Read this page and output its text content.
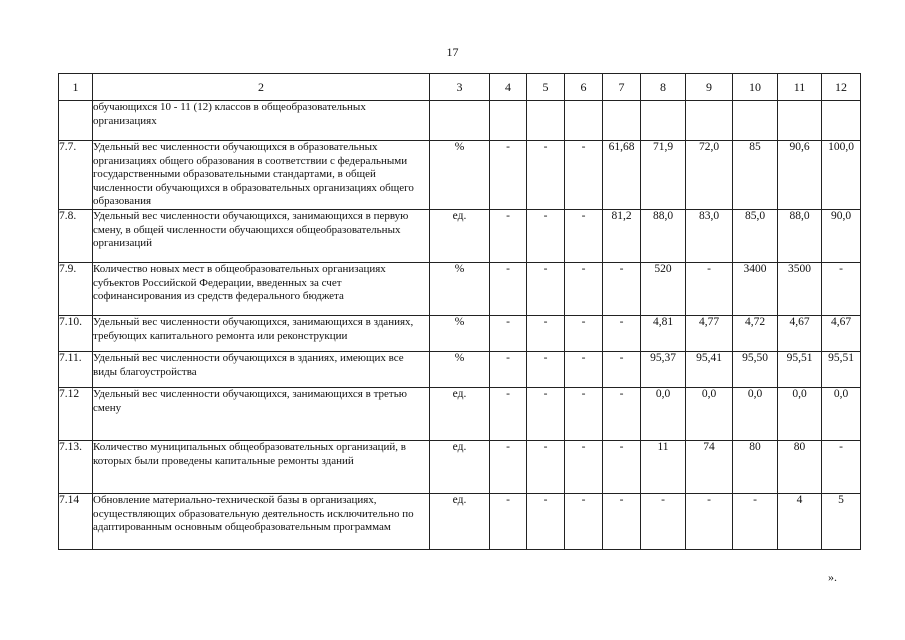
17
1	2	3	4	5	6	7	8	9	10	11	12
	обучающихся 10 - 11 (12) классов в общеобразовательных организациях										
7.7.	Удельный вес численности обучающихся в образовательных организациях общего образования в соответствии с федеральными государственными образовательными стандартами, в общей численности обучающихся в образовательных организациях общего образования	%	-	-	-	61,68	71,9	72,0	85	90,6	100,0
7.8.	Удельный вес численности обучающихся, занимающихся в первую смену, в общей численности обучающихся общеобразовательных организаций	ед.	-	-	-	81,2	88,0	83,0	85,0	88,0	90,0
7.9.	Количество новых мест в общеобразовательных организациях субъектов Российской Федерации, введенных за счет софинансирования из средств федерального бюджета	%	-	-	-	-	520	-	3400	3500	-
7.10.	Удельный вес численности обучающихся, занимающихся в зданиях, требующих капитального ремонта или реконструкции	%	-	-	-	-	4,81	4,77	4,72	4,67	4,67
7.11.	Удельный вес численности обучающихся в зданиях, имеющих все виды благоустройства	%	-	-	-	-	95,37	95,41	95,50	95,51	95,51
7.12	Удельный вес численности обучающихся, занимающихся в третью смену	ед.	-	-	-	-	0,0	0,0	0,0	0,0	0,0
7.13.	Количество муниципальных общеобразовательных организаций, в которых были проведены капитальные ремонты зданий	ед.	-	-	-	-	11	74	80	80	-
7.14	Обновление материально-технической базы в организациях, осуществляющих образовательную деятельность исключительно по адаптированным основным общеобразовательным программам	ед.	-	-	-	-	-	-	-	4	5
».
